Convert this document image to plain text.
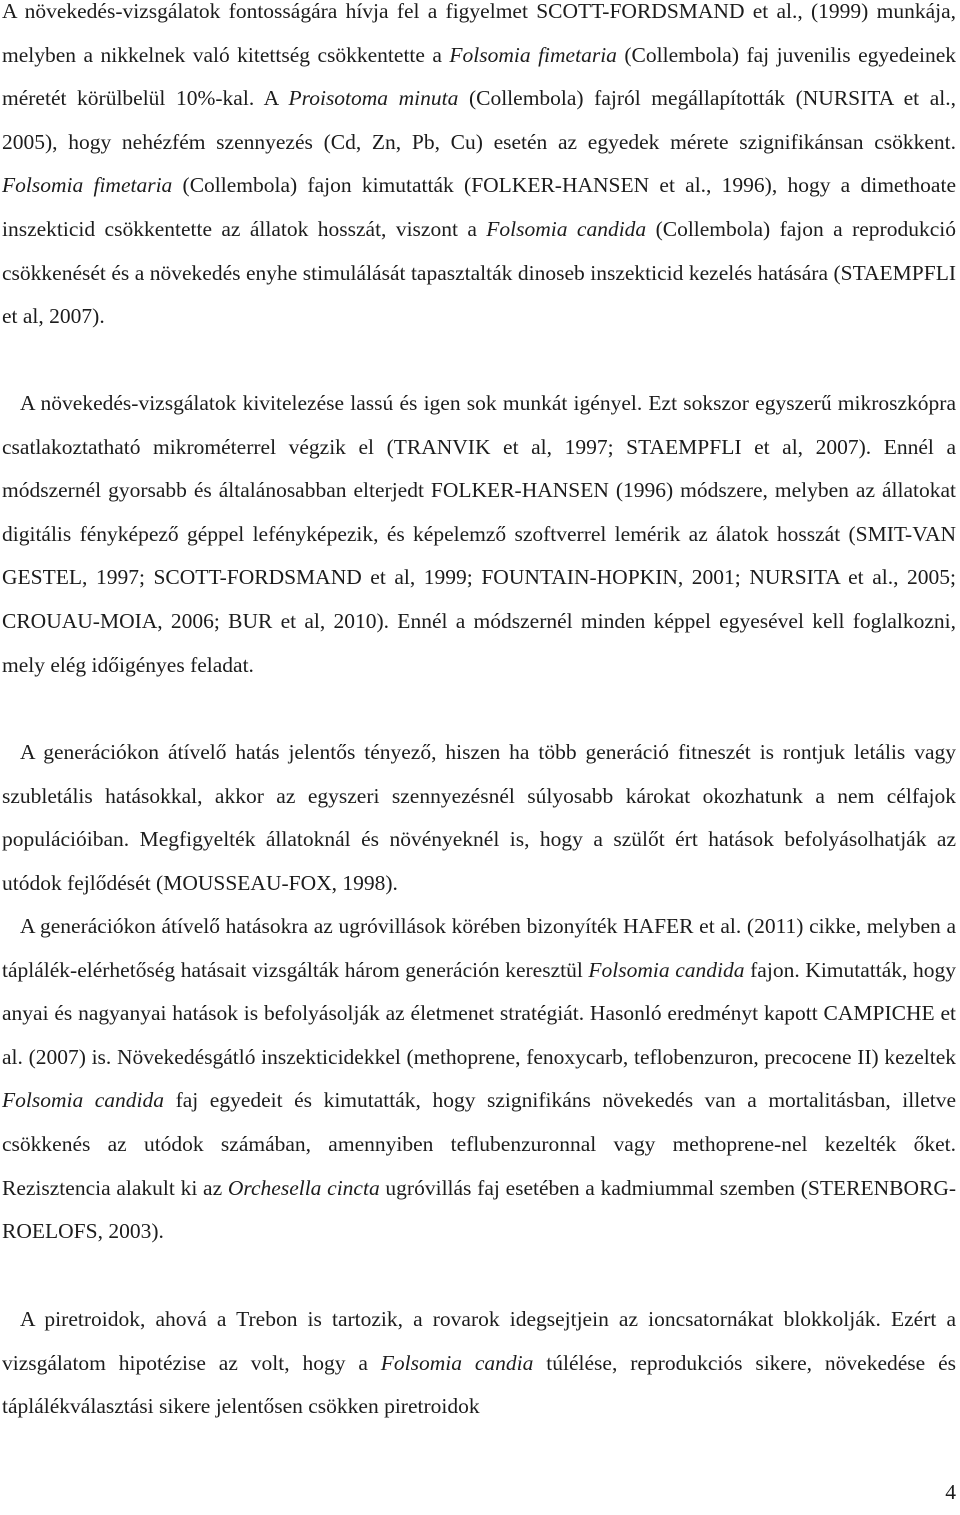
A növekedés-vizsgálatok fontosságára hívja fel a figyelmet SCOTT-FORDSMAND et al., (1999) munkája, melyben a nikkelnek való kitettség csökkentette a Folsomia fimetaria (Collembola) faj juvenilis egyedeinek méretét körülbelül 10%-kal. A Proisotoma minuta (Collembola) fajról megállapították (NURSITA et al., 2005), hogy nehézfém szennyezés (Cd, Zn, Pb, Cu) esetén az egyedek mérete szignifikánsan csökkent. Folsomia fimetaria (Collembola) fajon kimutatták (FOLKER-HANSEN et al., 1996), hogy a dimethoate inszekticid csökkentette az állatok hosszát, viszont a Folsomia candida (Collembola) fajon a reprodukció csökkenését és a növekedés enyhe stimulálását tapasztalták dinoseb inszekticid kezelés hatására (STAEMPFLI et al, 2007).

A növekedés-vizsgálatok kivitelezése lassú és igen sok munkát igényel. Ezt sokszor egyszerű mikroszkópra csatlakoztatható mikrométerrel végzik el (TRANVIK et al, 1997; STAEMPFLI et al, 2007). Ennél a módszernél gyorsabb és általánosabban elterjedt FOLKER-HANSEN (1996) módszere, melyben az állatokat digitális fényképező géppel lefényképezik, és képelemző szoftverrel lemérik az álatok hosszát (SMIT-VAN GESTEL, 1997; SCOTT-FORDSMAND et al, 1999; FOUNTAIN-HOPKIN, 2001; NURSITA et al., 2005; CROUAU-MOIA, 2006; BUR et al, 2010). Ennél a módszernél minden képpel egyesével kell foglalkozni, mely elég időigényes feladat.

A generációkon átívelő hatás jelentős tényező, hiszen ha több generáció fitneszét is rontjuk letális vagy szubletális hatásokkal, akkor az egyszeri szennyezésnél súlyosabb károkat okozhatunk a nem célfajok populációiban. Megfigyelték állatoknál és növényeknél is, hogy a szülőt ért hatások befolyásolhatják az utódok fejlődését (MOUSSEAU-FOX, 1998).

A generációkon átívelő hatásokra az ugróvillások körében bizonyíték HAFER et al. (2011) cikke, melyben a táplálék-elérhetőség hatásait vizsgálták három generáción keresztül Folsomia candida fajon. Kimutatták, hogy anyai és nagyanyai hatások is befolyásolják az életmenet stratégiát. Hasonló eredményt kapott CAMPICHE et al. (2007) is. Növekedésgátló inszekticidekkel (methoprene, fenoxycarb, teflobenzuron, precocene II) kezeltek Folsomia candida faj egyedeit és kimutatták, hogy szignifikáns növekedés van a mortalitásban, illetve csökkenés az utódok számában, amennyiben teflubenzuronnal vagy methoprene-nel kezelték őket. Rezisztencia alakult ki az Orchesella cincta ugróvillás faj esetében a kadmiummal szemben (STERENBORG-ROELOFS, 2003).

A piretroidok, ahová a Trebon is tartozik, a rovarok idegsejtjein az ioncsatornákat blokkolják. Ezért a vizsgálatom hipotézise az volt, hogy a Folsomia candia túlélése, reprodukciós sikere, növekedése és táplálékválasztási sikere jelentősen csökken piretroidok

4
